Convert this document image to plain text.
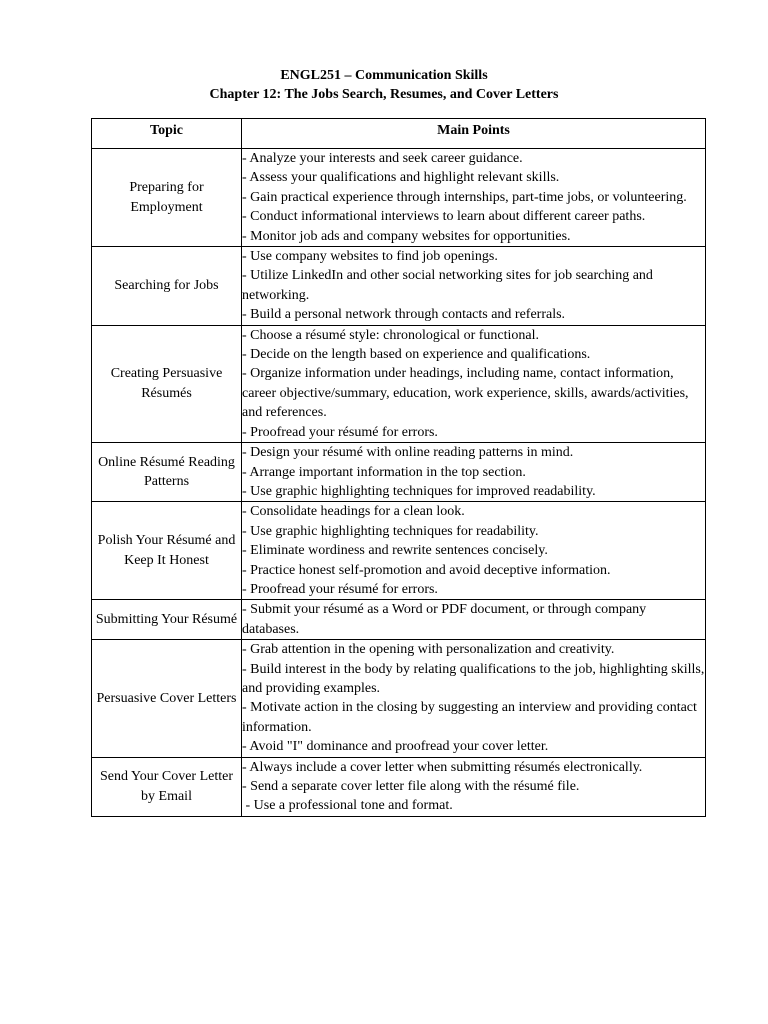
ENGL251 – Communication Skills
Chapter 12: The Jobs Search, Resumes, and Cover Letters
Topic	Main Points
Preparing for Employment	- Analyze your interests and seek career guidance.
- Assess your qualifications and highlight relevant skills.
- Gain practical experience through internships, part-time jobs, or volunteering.
- Conduct informational interviews to learn about different career paths.
- Monitor job ads and company websites for opportunities.

Searching for Jobs	- Use company websites to find job openings.
- Utilize LinkedIn and other social networking sites for job searching and networking.
- Build a personal network through contacts and referrals.

Creating Persuasive Résumés	- Choose a résumé style: chronological or functional.
- Decide on the length based on experience and qualifications.
- Organize information under headings, including name, contact information, career objective/summary, education, work experience, skills, awards/activities, and references.
- Proofread your résumé for errors.

Online Résumé Reading Patterns	- Design your résumé with online reading patterns in mind.
- Arrange important information in the top section.
- Use graphic highlighting techniques for improved readability.

Polish Your Résumé and Keep It Honest	- Consolidate headings for a clean look.
- Use graphic highlighting techniques for readability.
- Eliminate wordiness and rewrite sentences concisely.
- Practice honest self-promotion and avoid deceptive information.
- Proofread your résumé for errors.

Submitting Your Résumé	- Submit your résumé as a Word or PDF document, or through company databases.

Persuasive Cover Letters	- Grab attention in the opening with personalization and creativity.
- Build interest in the body by relating qualifications to the job, highlighting skills, and providing examples.
- Motivate action in the closing by suggesting an interview and providing contact information.
- Avoid "I" dominance and proofread your cover letter.

Send Your Cover Letter by Email	- Always include a cover letter when submitting résumés electronically.
- Send a separate cover letter file along with the résumé file.
- Use a professional tone and format.
